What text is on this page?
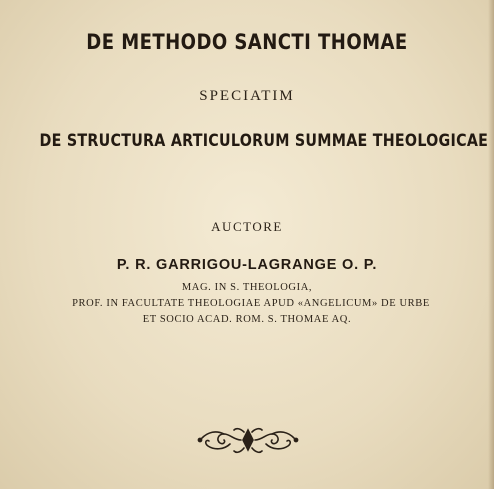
DE METHODO SANCTI THOMAE
SPECIATIM
DE STRUCTURA ARTICULORUM SUMMAE THEOLOGICAE
AUCTORE
P. R. GARRIGOU-LAGRANGE O. P.
MAG. IN S. THEOLOGIA,
PROF. IN FACULTATE THEOLOGIAE APUD «ANGELICUM» DE URBE
ET SOCIO ACAD. ROM. S. THOMAE AQ.
